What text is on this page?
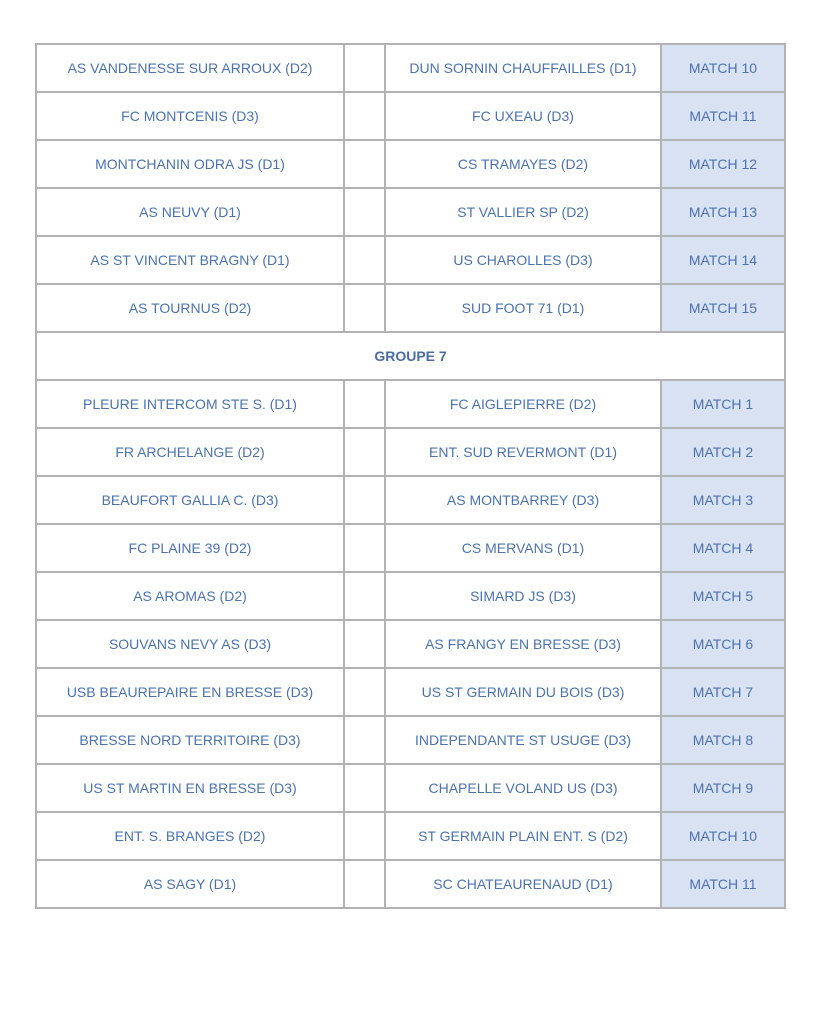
AS VANDENESSE SUR ARROUX (D2)		DUN SORNIN CHAUFFAILLES (D1)	MATCH 10
FC MONTCENIS (D3)		FC UXEAU (D3)	MATCH 11
MONTCHANIN ODRA JS (D1)		CS TRAMAYES (D2)	MATCH 12
AS NEUVY (D1)		ST VALLIER SP (D2)	MATCH 13
AS ST VINCENT BRAGNY (D1)		US CHAROLLES (D3)	MATCH 14
AS TOURNUS (D2)		SUD FOOT 71 (D1)	MATCH 15
GROUPE 7			
PLEURE INTERCOM STE S. (D1)		FC AIGLEPIERRE (D2)	MATCH 1
FR ARCHELANGE (D2)		ENT. SUD REVERMONT (D1)	MATCH 2
BEAUFORT GALLIA C. (D3)		AS MONTBARREY (D3)	MATCH 3
FC PLAINE 39 (D2)		CS MERVANS (D1)	MATCH 4
AS AROMAS (D2)		SIMARD JS (D3)	MATCH 5
SOUVANS NEVY AS (D3)		AS FRANGY EN BRESSE (D3)	MATCH 6
USB BEAUREPAIRE EN BRESSE (D3)		US ST GERMAIN DU BOIS (D3)	MATCH 7
BRESSE NORD TERRITOIRE (D3)		INDEPENDANTE ST USUGE (D3)	MATCH 8
US ST MARTIN EN BRESSE (D3)		CHAPELLE VOLAND US (D3)	MATCH 9
ENT. S. BRANGES (D2)		ST GERMAIN PLAIN ENT. S (D2)	MATCH 10
AS SAGY (D1)		SC CHATEAURENAUD (D1)	MATCH 11
